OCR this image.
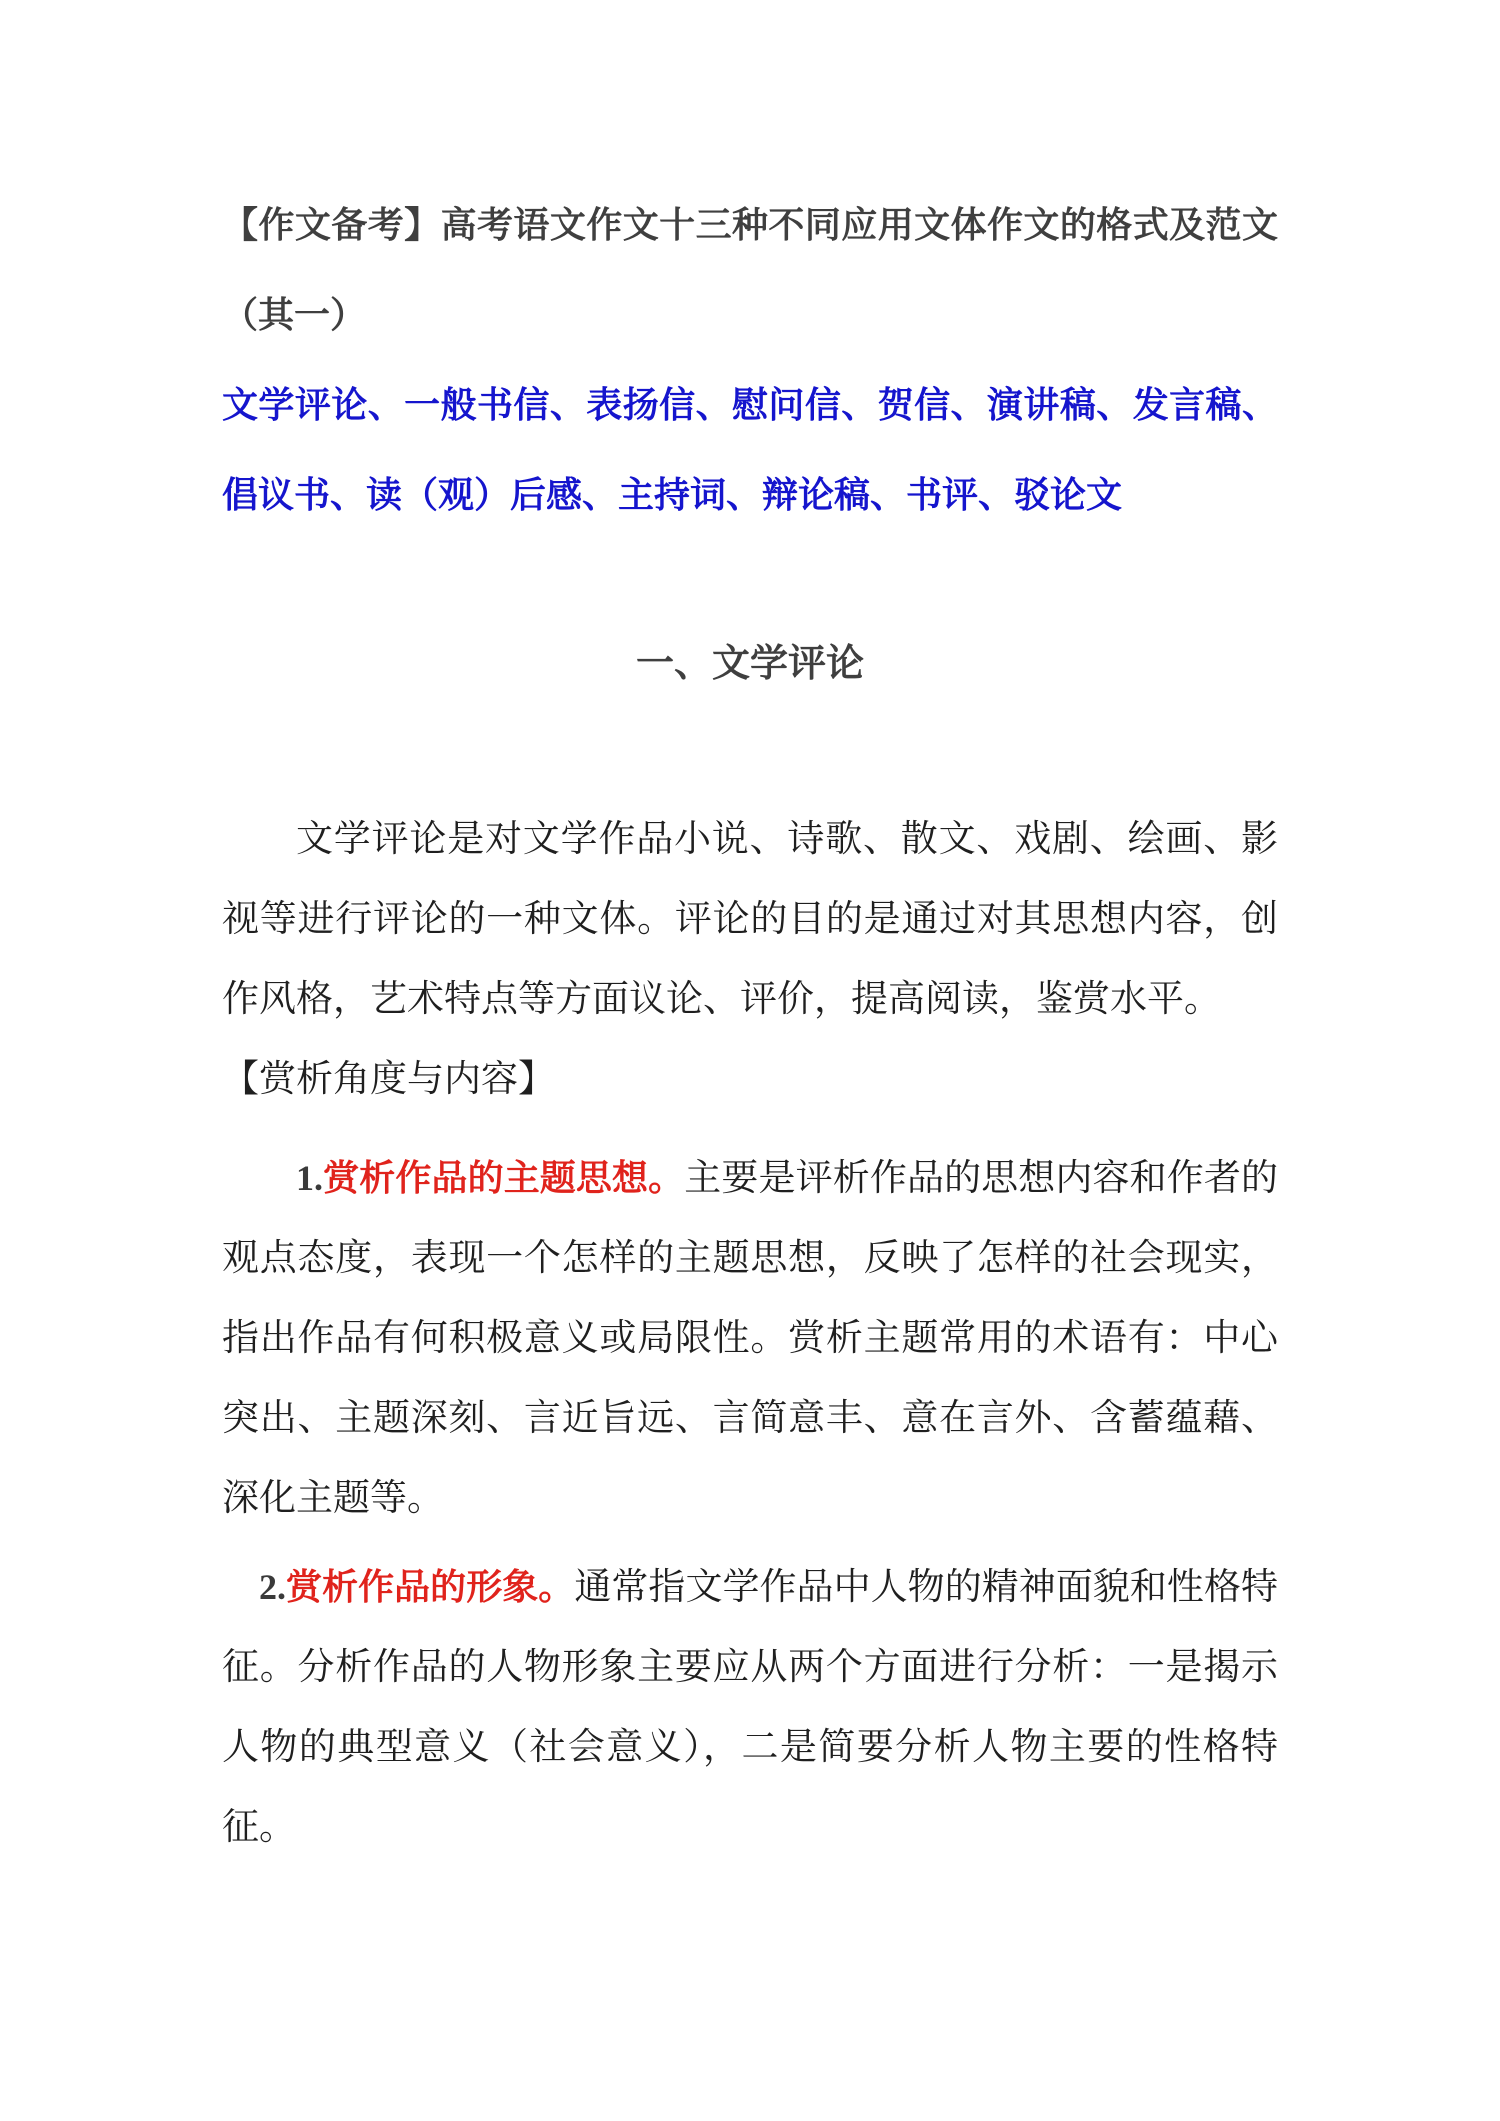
【作文备考】高考语文作文十三种不同应用文体作文的格式及范文（其一）

文学评论、一般书信、表扬信、慰问信、贺信、演讲稿、发言稿、倡议书、读（观）后感、主持词、辩论稿、书评、驳论文

一、文学评论

文学评论是对文学作品小说、诗歌、散文、戏剧、绘画、影视等进行评论的一种文体。评论的目的是通过对其思想内容，创作风格，艺术特点等方面议论、评价，提高阅读，鉴赏水平。

【赏析角度与内容】

1.赏析作品的主题思想。主要是评析作品的思想内容和作者的观点态度，表现一个怎样的主题思想，反映了怎样的社会现实，指出作品有何积极意义或局限性。赏析主题常用的术语有：中心突出、主题深刻、言近旨远、言简意丰、意在言外、含蓄蕴藉、深化主题等。

2.赏析作品的形象。通常指文学作品中人物的精神面貌和性格特征。分析作品的人物形象主要应从两个方面进行分析：一是揭示人物的典型意义（社会意义），二是简要分析人物主要的性格特征。
